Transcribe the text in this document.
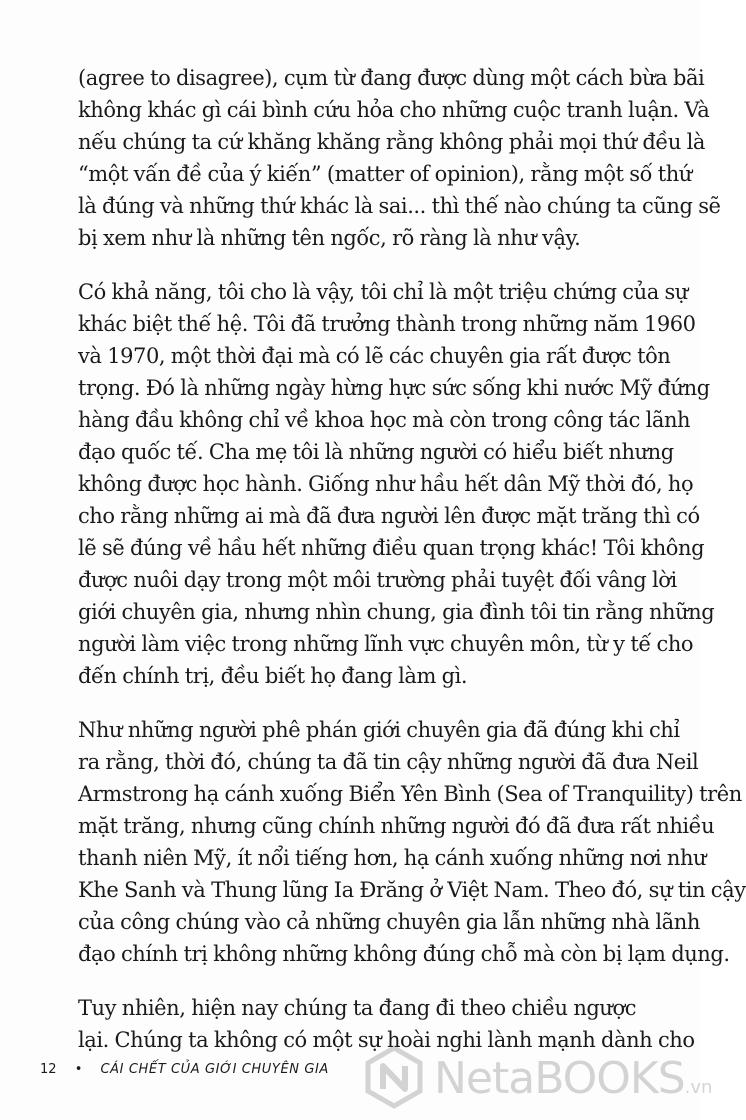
(agree to disagree), cụm từ đang được dùng một cách bừa bãi
không khác gì cái bình cứu hỏa cho những cuộc tranh luận. Và
nếu chúng ta cứ khăng khăng rằng không phải mọi thứ đều là
“một vấn đề của ý kiến” (matter of opinion), rằng một số thứ
là đúng và những thứ khác là sai... thì thế nào chúng ta cũng sẽ
bị xem như là những tên ngốc, rõ ràng là như vậy.

Có khả năng, tôi cho là vậy, tôi chỉ là một triệu chứng của sự
khác biệt thế hệ. Tôi đã trưởng thành trong những năm 1960
và 1970, một thời đại mà có lẽ các chuyên gia rất được tôn
trọng. Đó là những ngày hừng hực sức sống khi nước Mỹ đứng
hàng đầu không chỉ về khoa học mà còn trong công tác lãnh
đạo quốc tế. Cha mẹ tôi là những người có hiểu biết nhưng
không được học hành. Giống như hầu hết dân Mỹ thời đó, họ
cho rằng những ai mà đã đưa người lên được mặt trăng thì có
lẽ sẽ đúng về hầu hết những điều quan trọng khác! Tôi không
được nuôi dạy trong một môi trường phải tuyệt đối vâng lời
giới chuyên gia, nhưng nhìn chung, gia đình tôi tin rằng những
người làm việc trong những lĩnh vực chuyên môn, từ y tế cho
đến chính trị, đều biết họ đang làm gì.

Như những người phê phán giới chuyên gia đã đúng khi chỉ
ra rằng, thời đó, chúng ta đã tin cậy những người đã đưa Neil
Armstrong hạ cánh xuống Biển Yên Bình (Sea of Tranquility) trên
mặt trăng, nhưng cũng chính những người đó đã đưa rất nhiều
thanh niên Mỹ, ít nổi tiếng hơn, hạ cánh xuống những nơi như
Khe Sanh và Thung lũng Ia Đrăng ở Việt Nam. Theo đó, sự tin cậy
của công chúng vào cả những chuyên gia lẫn những nhà lãnh
đạo chính trị không những không đúng chỗ mà còn bị lạm dụng.

Tuy nhiên, hiện nay chúng ta đang đi theo chiều ngược
lại. Chúng ta không có một sự hoài nghi lành mạnh dành cho

12 • CÁI CHẾT CỦA GIỚI CHUYÊN GIA NetaBOOKS.vn
